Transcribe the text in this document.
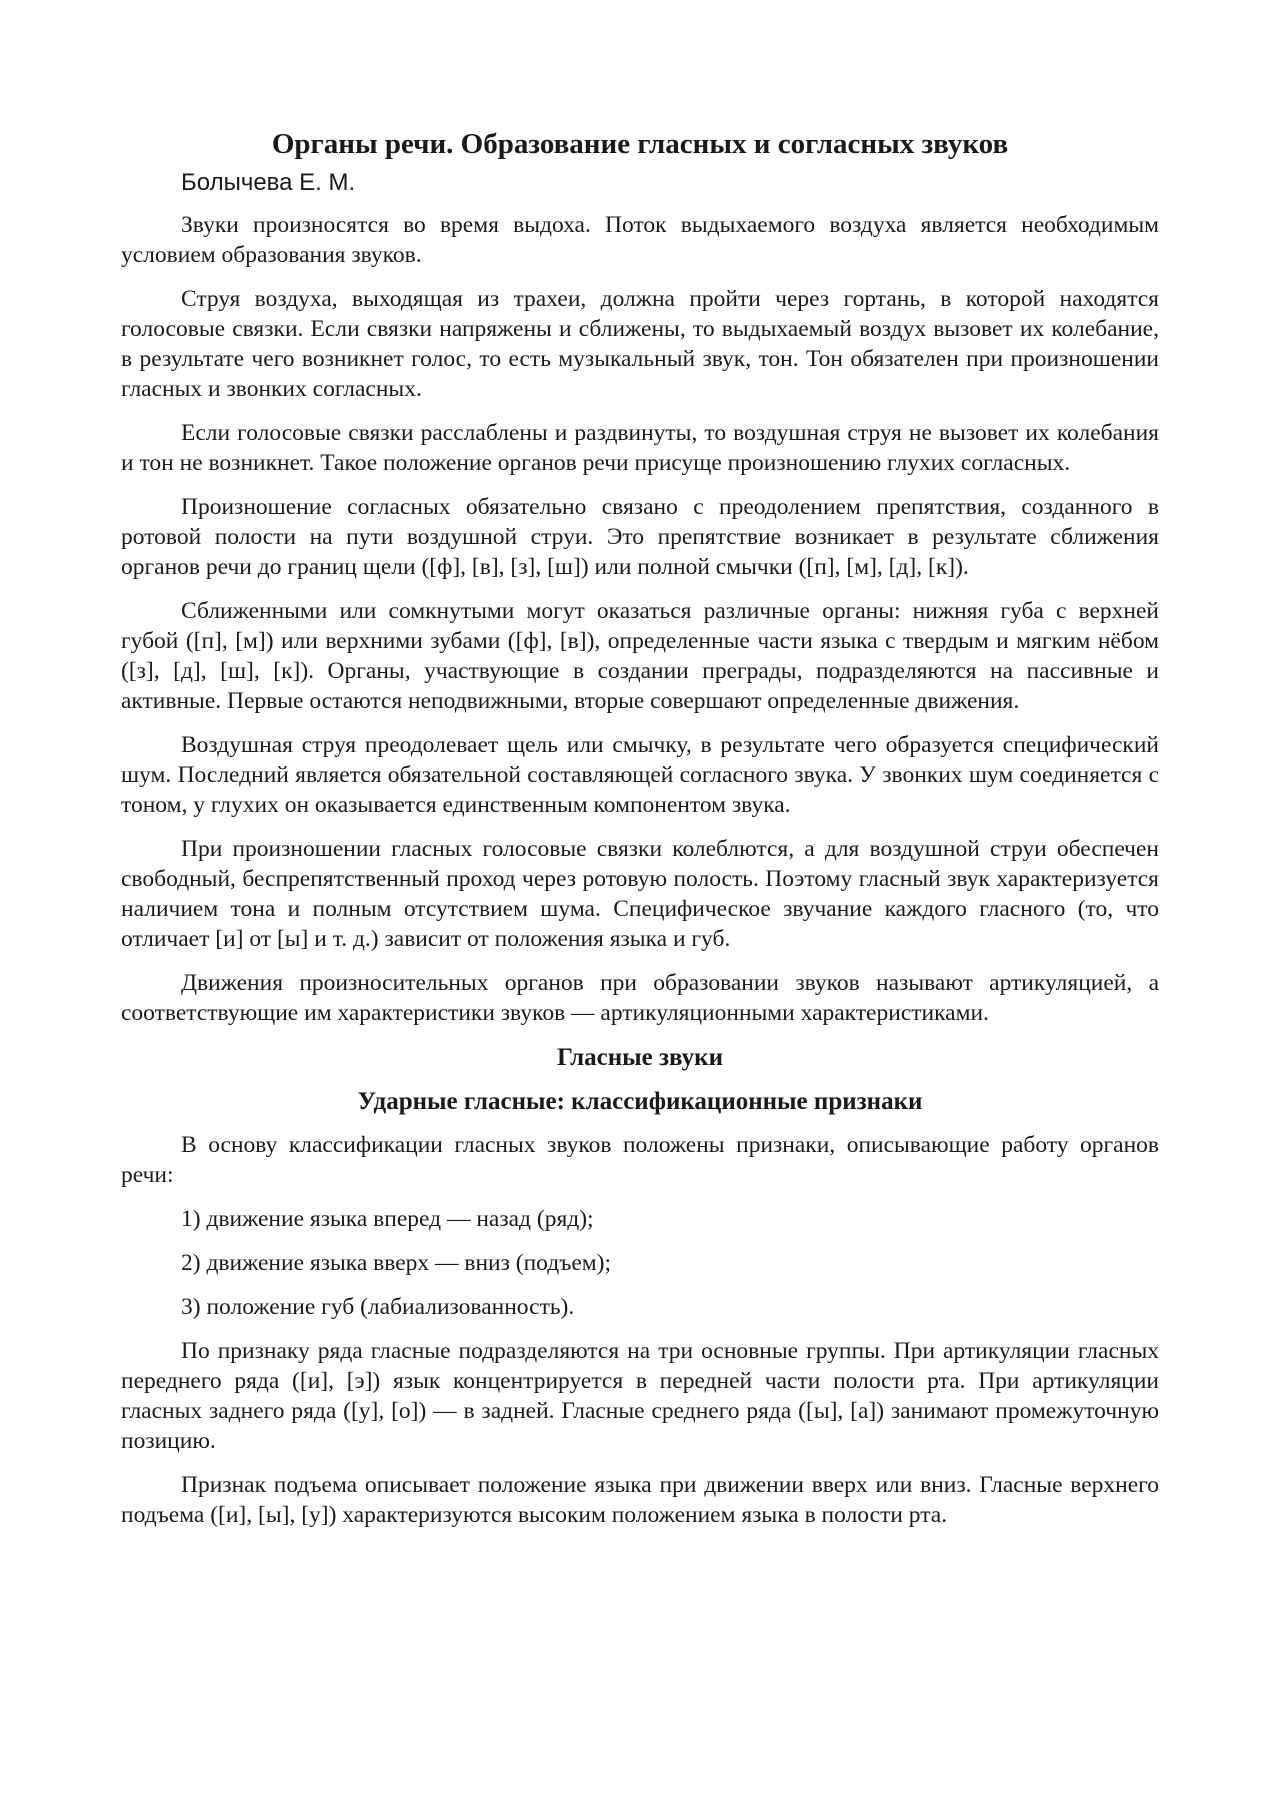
Органы речи. Образование гласных и согласных звуков
Болычева Е. М.

Звуки произносятся во время выдоха. Поток выдыхаемого воздуха является необходимым условием образования звуков.

Струя воздуха, выходящая из трахеи, должна пройти через гортань, в которой находятся голосовые связки. Если связки напряжены и сближены, то выдыхаемый воздух вызовет их колебание, в результате чего возникнет голос, то есть музыкальный звук, тон. Тон обязателен при произношении гласных и звонких согласных.

Если голосовые связки расслаблены и раздвинуты, то воздушная струя не вызовет их колебания и тон не возникнет. Такое положение органов речи присуще произношению глухих согласных.

Произношение согласных обязательно связано с преодолением препятствия, созданного в ротовой полости на пути воздушной струи. Это препятствие возникает в результате сближения органов речи до границ щели ([ф], [в], [з], [ш]) или полной смычки ([п], [м], [д], [к]).

Сближенными или сомкнутыми могут оказаться различные органы: нижняя губа с верхней губой ([п], [м]) или верхними зубами ([ф], [в]), определенные части языка с твердым и мягким нёбом ([з], [д], [ш], [к]). Органы, участвующие в создании преграды, подразделяются на пассивные и активные. Первые остаются неподвижными, вторые совершают определенные движения.

Воздушная струя преодолевает щель или смычку, в результате чего образуется специфический шум. Последний является обязательной составляющей согласного звука. У звонких шум соединяется с тоном, у глухих он оказывается единственным компонентом звука.

При произношении гласных голосовые связки колеблются, а для воздушной струи обеспечен свободный, беспрепятственный проход через ротовую полость. Поэтому гласный звук характеризуется наличием тона и полным отсутствием шума. Специфическое звучание каждого гласного (то, что отличает [и] от [ы] и т. д.) зависит от положения языка и губ.

Движения произносительных органов при образовании звуков называют артикуляцией, а соответствующие им характеристики звуков — артикуляционными характеристиками.

Гласные звуки
Ударные гласные: классификационные признаки

В основу классификации гласных звуков положены признаки, описывающие работу органов речи:

1) движение языка вперед — назад (ряд);
2) движение языка вверх — вниз (подъем);
3) положение губ (лабиализованность).

По признаку ряда гласные подразделяются на три основные группы. При артикуляции гласных переднего ряда ([и], [э]) язык концентрируется в передней части полости рта. При артикуляции гласных заднего ряда ([у], [о]) — в задней. Гласные среднего ряда ([ы], [а]) занимают промежуточную позицию.

Признак подъема описывает положение языка при движении вверх или вниз. Гласные верхнего подъема ([и], [ы], [у]) характеризуются высоким положением языка в полости рта.
